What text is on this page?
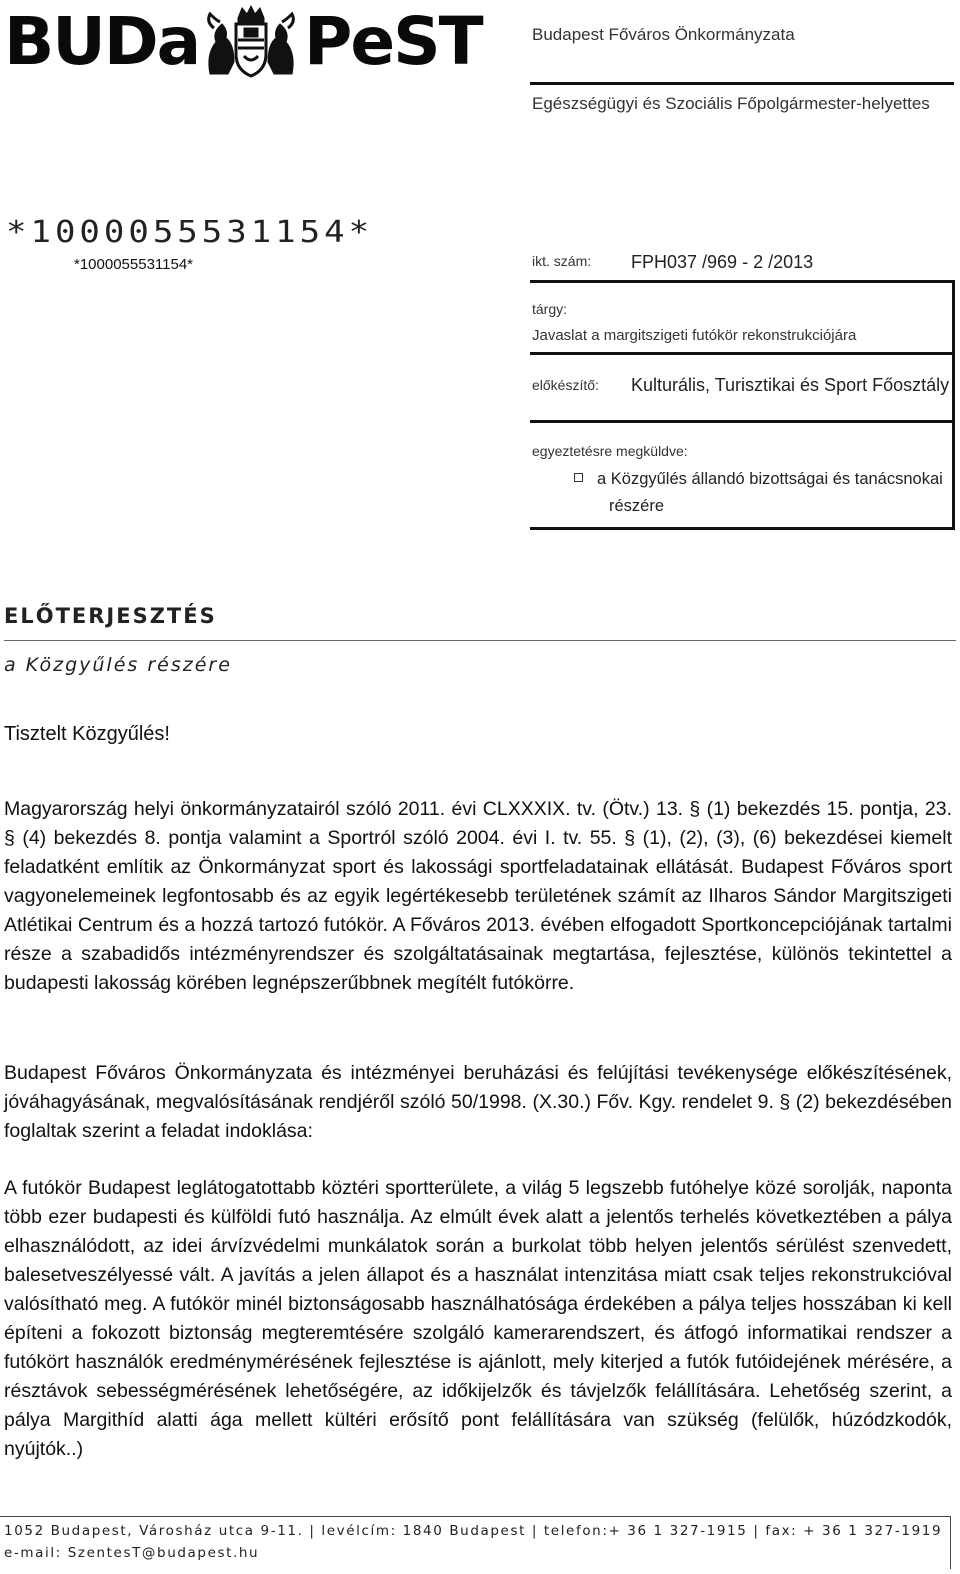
BUDa PeST	Budapest Főváros Önkormányzata
Egészségügyi és Szociális Főpolgármester-helyettes
*1000055531154*
*1000055531154*	ikt. szám: FPH037 /969 - 2 /2013
tárgy:
Javaslat a margitszigeti futókör rekonstrukciójára
előkészítő: Kulturális, Turisztikai és Sport Főosztály
egyeztetésre megküldve:
a Közgyűlés állandó bizottságai és tanácsnokai
részére
ELŐTERJESZTÉS
a Közgyűlés részére
Tisztelt Közgyűlés!

Magyarország helyi önkormányzatairól szóló 2011. évi CLXXXIX. tv. (Ötv.) 13. § (1) bekezdés 15. pontja, 23. § (4) bekezdés 8. pontja valamint a Sportról szóló 2004. évi I. tv. 55. § (1), (2), (3), (6) bekezdései kiemelt feladatként említik az Önkormányzat sport és lakossági sportfeladatainak ellátását. Budapest Főváros sport vagyonelemeinek legfontosabb és az egyik legértékesebb területének számít az Ilharos Sándor Margitszigeti Atlétikai Centrum és a hozzá tartozó futókör. A Főváros 2013. évében elfogadott Sportkoncepciójának tartalmi része a szabadidős intézményrendszer és szolgáltatásainak megtartása, fejlesztése, különös tekintettel a budapesti lakosság körében legnépszerűbbnek megítélt futókörre.

Budapest Főváros Önkormányzata és intézményei beruházási és felújítási tevékenysége előkészítésének, jóváhagyásának, megvalósításának rendjéről szóló 50/1998. (X.30.) Főv. Kgy. rendelet 9. § (2) bekezdésében foglaltak szerint a feladat indoklása:

A futókör Budapest leglátogatottabb köztéri sportterülete, a világ 5 legszebb futóhelye közé sorolják, naponta több ezer budapesti és külföldi futó használja. Az elmúlt évek alatt a jelentős terhelés következtében a pálya elhasználódott, az idei árvízvédelmi munkálatok során a burkolat több helyen jelentős sérülést szenvedett, balesetveszélyessé vált. A javítás a jelen állapot és a használat intenzitása miatt csak teljes rekonstrukcióval valósítható meg. A futókör minél biztonságosabb használhatósága érdekében a pálya teljes hosszában ki kell építeni a fokozott biztonság megteremtésére szolgáló kamerarendszert, és átfogó informatikai rendszer a futókört használók eredménymérésének fejlesztése is ajánlott, mely kiterjed a futók futóidejének mérésére, a résztávok sebességmérésének lehetőségére, az időkijelzők és távjelzők felállítására. Lehetőség szerint, a pálya Margithíd alatti ága mellett kültéri erősítő pont felállítására van szükség (felülők, húzódzkodók, nyújtók..)

1052 Budapest, Városház utca 9-11. | levélcím: 1840 Budapest | telefon:+ 36 1 327-1915 | fax: + 36 1 327-1919
e-mail: SzentesT@budapest.hu
